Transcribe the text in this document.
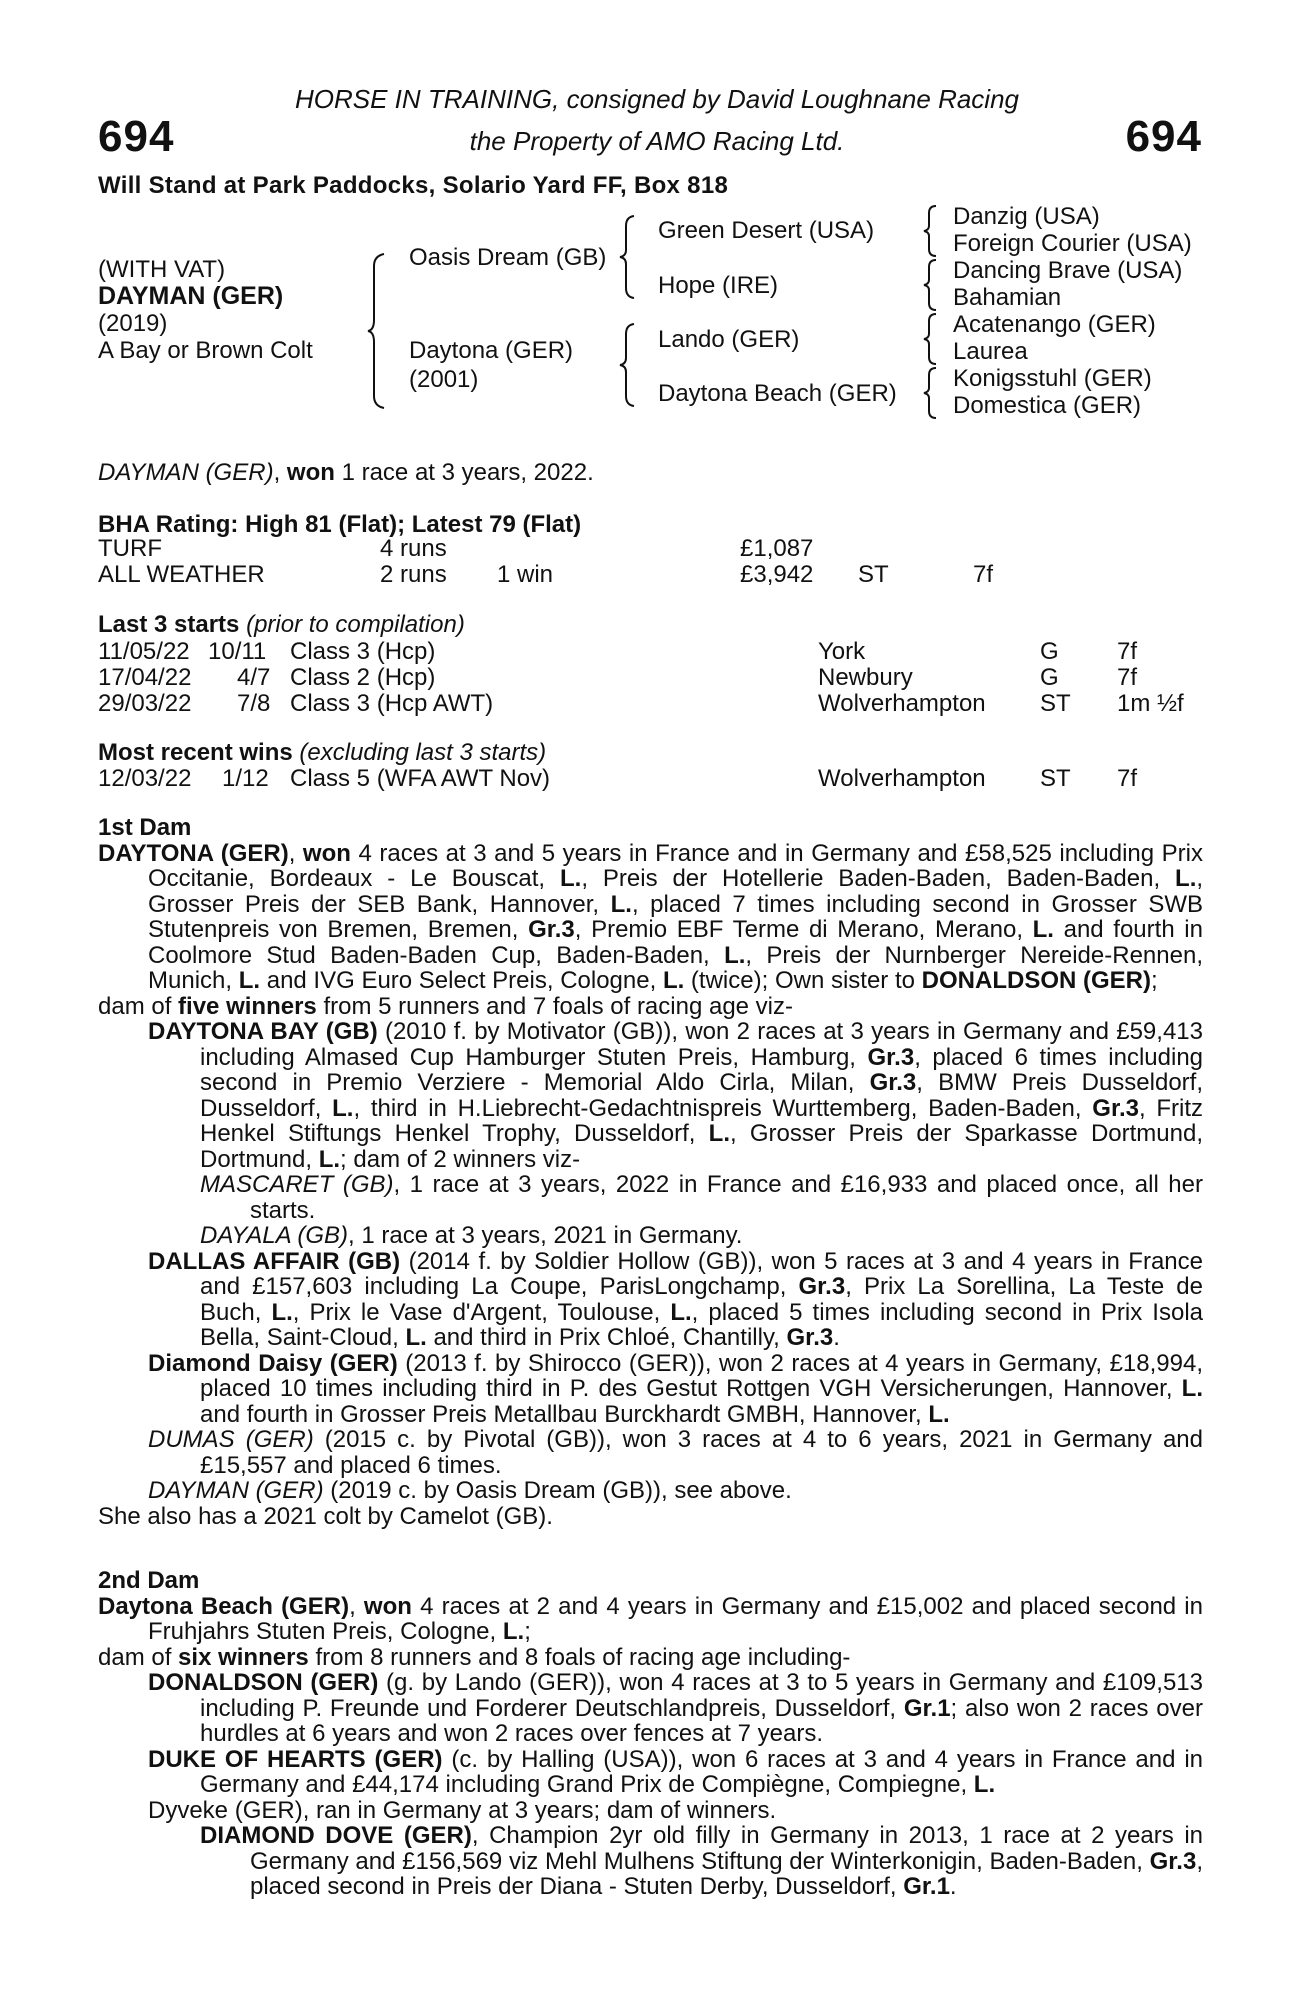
694	694
HORSE IN TRAINING, consigned by David Loughnane Racing
the Property of AMO Racing Ltd.
Will Stand at Park Paddocks, Solario Yard FF, Box 818
(WITH VAT)
DAYMAN (GER)
(2019)
A Bay or Brown Colt
Oasis Dream (GB)
Daytona (GER)
(2001)
Green Desert (USA)
Hope (IRE)
Lando (GER)
Daytona Beach (GER)
Danzig (USA)
Foreign Courier (USA)
Dancing Brave (USA)
Bahamian
Acatenango (GER)
Laurea
Konigsstuhl (GER)
Domestica (GER)
DAYMAN (GER), won 1 race at 3 years, 2022.
BHA Rating: High 81 (Flat); Latest 79 (Flat)
TURF	4 runs	£1,087
ALL WEATHER	2 runs 1 win	£3,942 ST	7f
Last 3 starts (prior to compilation)
11/05/22 10/11 Class 3 (Hcp)	York	G 7f
17/04/22 4/7 Class 2 (Hcp)	Newbury	G 7f
29/03/22 7/8 Class 3 (Hcp AWT)	Wolverhampton ST 1m ½f
Most recent wins (excluding last 3 starts)
12/03/22 1/12 Class 5 (WFA AWT Nov)	Wolverhampton ST 7f

1st Dam

DAYTONA (GER), won 4 races at 3 and 5 years in France and in Germany and £58,525 including Prix Occitanie, Bordeaux - Le Bouscat, L., Preis der Hotellerie Baden-Baden, Baden-Baden, L., Grosser Preis der SEB Bank, Hannover, L., placed 7 times including second in Grosser SWB Stutenpreis von Bremen, Bremen, Gr.3, Premio EBF Terme di Merano, Merano, L. and fourth in Coolmore Stud Baden-Baden Cup, Baden-Baden, L., Preis der Nurnberger Nereide-Rennen, Munich, L. and IVG Euro Select Preis, Cologne, L. (twice); Own sister to DONALDSON (GER);

dam of five winners from 5 runners and 7 foals of racing age viz-

DAYTONA BAY (GB) (2010 f. by Motivator (GB)), won 2 races at 3 years in Germany and £59,413 including Almased Cup Hamburger Stuten Preis, Hamburg, Gr.3, placed 6 times including second in Premio Verziere - Memorial Aldo Cirla, Milan, Gr.3, BMW Preis Dusseldorf, Dusseldorf, L., third in H.Liebrecht-Gedachtnispreis Wurttemberg, Baden-Baden, Gr.3, Fritz Henkel Stiftungs Henkel Trophy, Dusseldorf, L., Grosser Preis der Sparkasse Dortmund, Dortmund, L.; dam of 2 winners viz-

MASCARET (GB), 1 race at 3 years, 2022 in France and £16,933 and placed once, all her starts.

DAYALA (GB), 1 race at 3 years, 2021 in Germany.

DALLAS AFFAIR (GB) (2014 f. by Soldier Hollow (GB)), won 5 races at 3 and 4 years in France and £157,603 including La Coupe, ParisLongchamp, Gr.3, Prix La Sorellina, La Teste de Buch, L., Prix le Vase d'Argent, Toulouse, L., placed 5 times including second in Prix Isola Bella, Saint-Cloud, L. and third in Prix Chloé, Chantilly, Gr.3.

Diamond Daisy (GER) (2013 f. by Shirocco (GER)), won 2 races at 4 years in Germany, £18,994, placed 10 times including third in P. des Gestut Rottgen VGH Versicherungen, Hannover, L. and fourth in Grosser Preis Metallbau Burckhardt GMBH, Hannover, L.

DUMAS (GER) (2015 c. by Pivotal (GB)), won 3 races at 4 to 6 years, 2021 in Germany and £15,557 and placed 6 times.

DAYMAN (GER) (2019 c. by Oasis Dream (GB)), see above.

She also has a 2021 colt by Camelot (GB).

2nd Dam

Daytona Beach (GER), won 4 races at 2 and 4 years in Germany and £15,002 and placed second in Fruhjahrs Stuten Preis, Cologne, L.;

dam of six winners from 8 runners and 8 foals of racing age including-

DONALDSON (GER) (g. by Lando (GER)), won 4 races at 3 to 5 years in Germany and £109,513 including P. Freunde und Forderer Deutschlandpreis, Dusseldorf, Gr.1; also won 2 races over hurdles at 6 years and won 2 races over fences at 7 years.

DUKE OF HEARTS (GER) (c. by Halling (USA)), won 6 races at 3 and 4 years in France and in Germany and £44,174 including Grand Prix de Compiègne, Compiegne, L.

Dyveke (GER), ran in Germany at 3 years; dam of winners.

DIAMOND DOVE (GER), Champion 2yr old filly in Germany in 2013, 1 race at 2 years in Germany and £156,569 viz Mehl Mulhens Stiftung der Winterkonigin, Baden-Baden, Gr.3, placed second in Preis der Diana - Stuten Derby, Dusseldorf, Gr.1.
